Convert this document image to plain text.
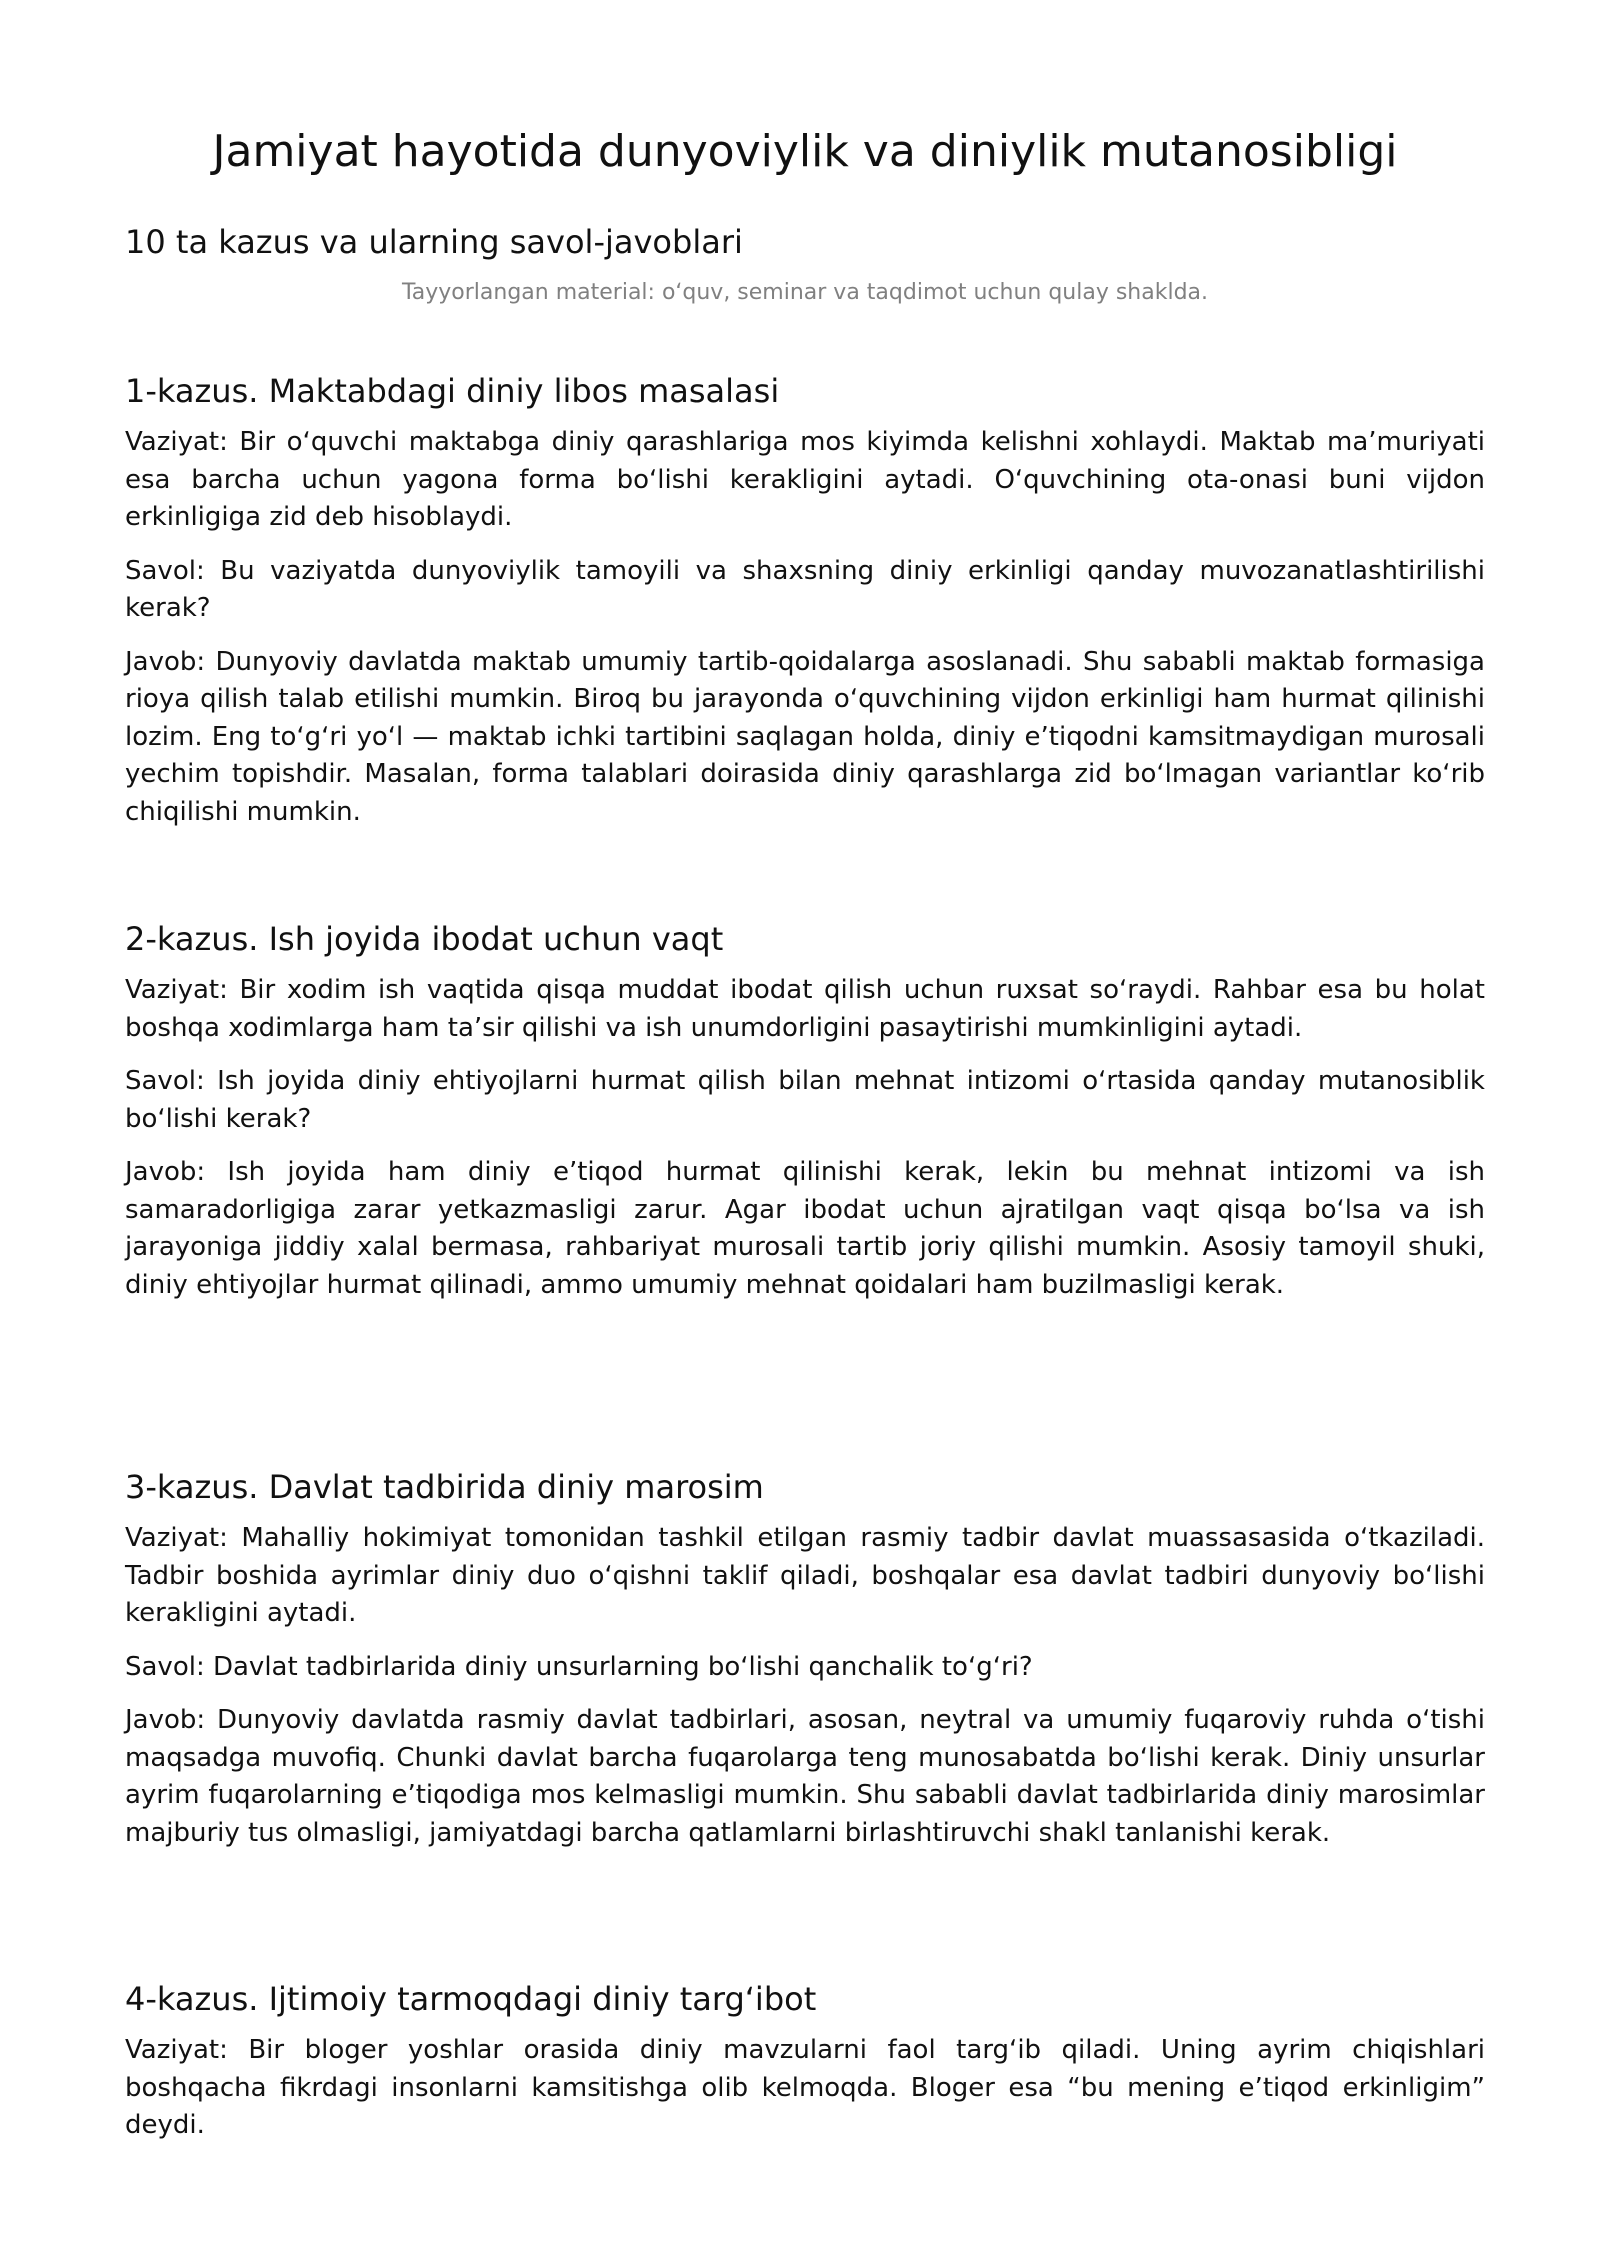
Jamiyat hayotida dunyoviylik va diniylik mutanosibligi
10 ta kazus va ularning savol-javoblari

Tayyorlangan material: oʻquv, seminar va taqdimot uchun qulay shaklda.

1-kazus. Maktabdagi diniy libos masalasi

Vaziyat: Bir oʻquvchi maktabga diniy qarashlariga mos kiyimda kelishni xohlaydi. Maktab maʼmuriyati esa barcha uchun yagona forma boʻlishi kerakligini aytadi. Oʻquvchining ota-onasi buni vijdon erkinligiga zid deb hisoblaydi.

Savol: Bu vaziyatda dunyoviylik tamoyili va shaxsning diniy erkinligi qanday muvozanatlashtirilishi kerak?

Javob: Dunyoviy davlatda maktab umumiy tartib-qoidalarga asoslanadi. Shu sababli maktab formasiga rioya qilish talab etilishi mumkin. Biroq bu jarayonda oʻquvchining vijdon erkinligi ham hurmat qilinishi lozim. Eng toʻgʻri yoʻl — maktab ichki tartibini saqlagan holda, diniy eʼtiqodni kamsitmaydigan murosali yechim topishdir. Masalan, forma talablari doirasida diniy qarashlarga zid boʻlmagan variantlar koʻrib chiqilishi mumkin.

2-kazus. Ish joyida ibodat uchun vaqt

Vaziyat: Bir xodim ish vaqtida qisqa muddat ibodat qilish uchun ruxsat soʻraydi. Rahbar esa bu holat boshqa xodimlarga ham taʼsir qilishi va ish unumdorligini pasaytirishi mumkinligini aytadi.

Savol: Ish joyida diniy ehtiyojlarni hurmat qilish bilan mehnat intizomi oʻrtasida qanday mutanosiblik boʻlishi kerak?

Javob: Ish joyida ham diniy eʼtiqod hurmat qilinishi kerak, lekin bu mehnat intizomi va ish samaradorligiga zarar yetkazmasligi zarur. Agar ibodat uchun ajratilgan vaqt qisqa boʻlsa va ish jarayoniga jiddiy xalal bermasa, rahbariyat murosali tartib joriy qilishi mumkin. Asosiy tamoyil shuki, diniy ehtiyojlar hurmat qilinadi, ammo umumiy mehnat qoidalari ham buzilmasligi kerak.

3-kazus. Davlat tadbirida diniy marosim

Vaziyat: Mahalliy hokimiyat tomonidan tashkil etilgan rasmiy tadbir davlat muassasasida oʻtkaziladi. Tadbir boshida ayrimlar diniy duo oʻqishni taklif qiladi, boshqalar esa davlat tadbiri dunyoviy boʻlishi kerakligini aytadi.

Savol: Davlat tadbirlarida diniy unsurlarning boʻlishi qanchalik toʻgʻri?

Javob: Dunyoviy davlatda rasmiy davlat tadbirlari, asosan, neytral va umumiy fuqaroviy ruhda oʻtishi maqsadga muvofiq. Chunki davlat barcha fuqarolarga teng munosabatda boʻlishi kerak. Diniy unsurlar ayrim fuqarolarning eʼtiqodiga mos kelmasligi mumkin. Shu sababli davlat tadbirlarida diniy marosimlar majburiy tus olmasligi, jamiyatdagi barcha qatlamlarni birlashtiruvchi shakl tanlanishi kerak.

4-kazus. Ijtimoiy tarmoqdagi diniy targʻibot

Vaziyat: Bir bloger yoshlar orasida diniy mavzularni faol targʻib qiladi. Uning ayrim chiqishlari boshqacha fikrdagi insonlarni kamsitishga olib kelmoqda. Bloger esa “bu mening eʼtiqod erkinligim” deydi.
